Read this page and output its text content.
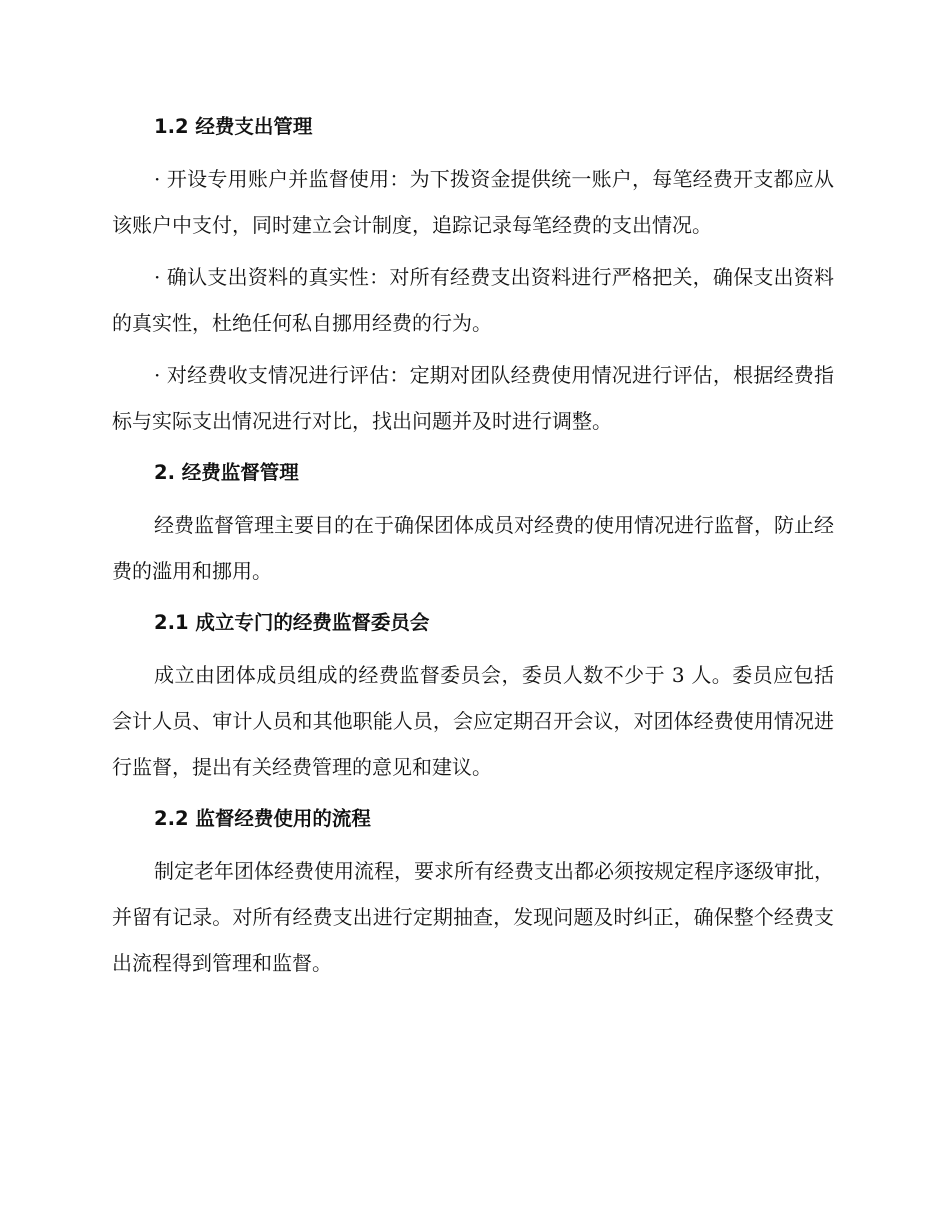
1.2 经费支出管理

· 开设专用账户并监督使用：为下拨资金提供统一账户，每笔经费开支都应从该账户中支付，同时建立会计制度，追踪记录每笔经费的支出情况。

· 确认支出资料的真实性：对所有经费支出资料进行严格把关，确保支出资料的真实性，杜绝任何私自挪用经费的行为。

· 对经费收支情况进行评估：定期对团队经费使用情况进行评估，根据经费指标与实际支出情况进行对比，找出问题并及时进行调整。

2. 经费监督管理

经费监督管理主要目的在于确保团体成员对经费的使用情况进行监督，防止经费的滥用和挪用。

2.1 成立专门的经费监督委员会

成立由团体成员组成的经费监督委员会，委员人数不少于 3 人。委员应包括会计人员、审计人员和其他职能人员，会应定期召开会议，对团体经费使用情况进行监督，提出有关经费管理的意见和建议。

2.2 监督经费使用的流程

制定老年团体经费使用流程，要求所有经费支出都必须按规定程序逐级审批，并留有记录。对所有经费支出进行定期抽查，发现问题及时纠正，确保整个经费支出流程得到管理和监督。
